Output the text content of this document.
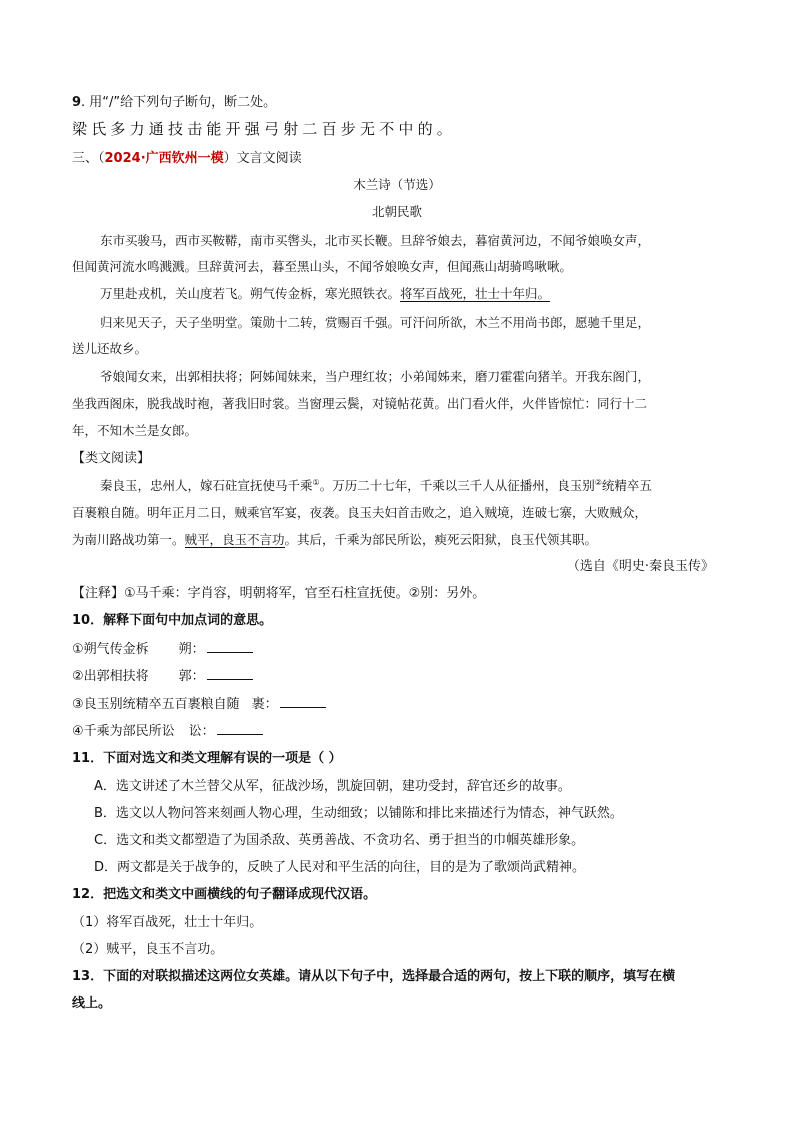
9. 用“/”给下列句子断句，断二处。
梁氏多力通技击能开强弓射二百步无不中的。
三、（2024·广西钦州一模）文言文阅读
木兰诗（节选）
北朝民歌
东市买骏马，西市买鞍鞯，南市买辔头，北市买长鞭。旦辞爷娘去，暮宿黄河边，不闻爷娘唤女声，
但闻黄河流水鸣溅溅。旦辞黄河去，暮至黑山头，不闻爷娘唤女声，但闻燕山胡骑鸣啾啾。
万里赴戎机，关山度若飞。朔气传金柝，寒光照铁衣。将军百战死，壮士十年归。
归来见天子，天子坐明堂。策勋十二转，赏赐百千强。可汗问所欲，木兰不用尚书郎，愿驰千里足，
送儿还故乡。
爷娘闻女来，出郭相扶将；阿姊闻妹来，当户理红妆；小弟闻姊来，磨刀霍霍向猪羊。开我东阁门，
坐我西阁床，脱我战时袍，著我旧时裳。当窗理云鬓，对镜帖花黄。出门看火伴，火伴皆惊忙：同行十二
年，不知木兰是女郎。
【类文阅读】
秦良玉，忠州人，嫁石砫宣抚使马千乘①。万历二十七年，千乘以三千人从征播州，良玉别②统精卒五
百裹粮自随。明年正月二日，贼乘官军宴，夜袭。良玉夫妇首击败之，追入贼境，连破七寨，大败贼众，
为南川路战功第一。贼平，良玉不言功。其后，千乘为部民所讼，瘐死云阳狱，良玉代领其职。
（选自《明史·秦良玉传》
【注释】①马千乘：字肖容，明朝将军，官至石柱宣抚使。②别：另外。
10．解释下面句中加点词的意思。
①朔气传金柝 朔：
②出郭相扶将 郭：
③良玉别统精卒五百裹粮自随 裹：
④千乘为部民所讼 讼：
11．下面对选文和类文理解有误的一项是（ ）
A．选文讲述了木兰替父从军，征战沙场，凯旋回朝，建功受封，辞官还乡的故事。
B．选文以人物问答来刻画人物心理，生动细致；以铺陈和排比来描述行为情态，神气跃然。
C．选文和类文都塑造了为国杀敌、英勇善战、不贪功名、勇于担当的巾帼英雄形象。
D．两文都是关于战争的，反映了人民对和平生活的向往，目的是为了歌颂尚武精神。
12．把选文和类文中画横线的句子翻译成现代汉语。
（1）将军百战死，壮士十年归。
（2）贼平，良玉不言功。
13．下面的对联拟描述这两位女英雄。请从以下句子中，选择最合适的两句，按上下联的顺序，填写在横
线上。
